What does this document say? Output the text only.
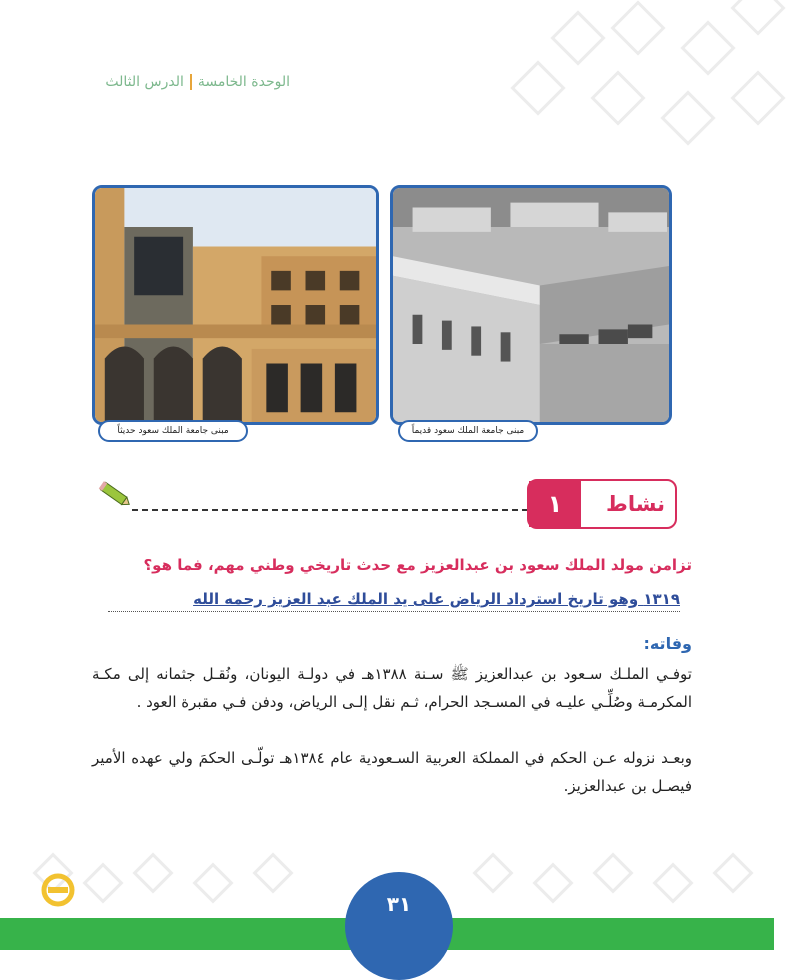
الوحدة الخامسةالدرس الثالث
مبنى جامعة الملك سعود حديثاً	مبنى جامعة الملك سعود قديماً
١	نشاط
تزامن مولد الملك سعود بن عبدالعزيز مع حدث تاريخي وطني مهم، فما هو؟
١٣١٩ وهو تاريخ استرداد الرياض على يد الملك عبد العزيز رحمه الله
وفاته:
توفـي الملـك سـعود بن عبدالعزيز ﷺ سـنة ١٣٨٨هـ في دولـة اليونان، ونُقـل جثمانه إلى مكـة المكرمـة وصُلِّـي عليـه في المسـجد الحرام، ثـم نقل إلـى الرياض، ودفن فـي مقبرة العود .
وبعـد نزوله عـن الحكم في المملكة العربية السـعودية عام ١٣٨٤هـ تولّـى الحكمَ ولي عهده الأمير فيصـل بن عبدالعزيز.
٣١
